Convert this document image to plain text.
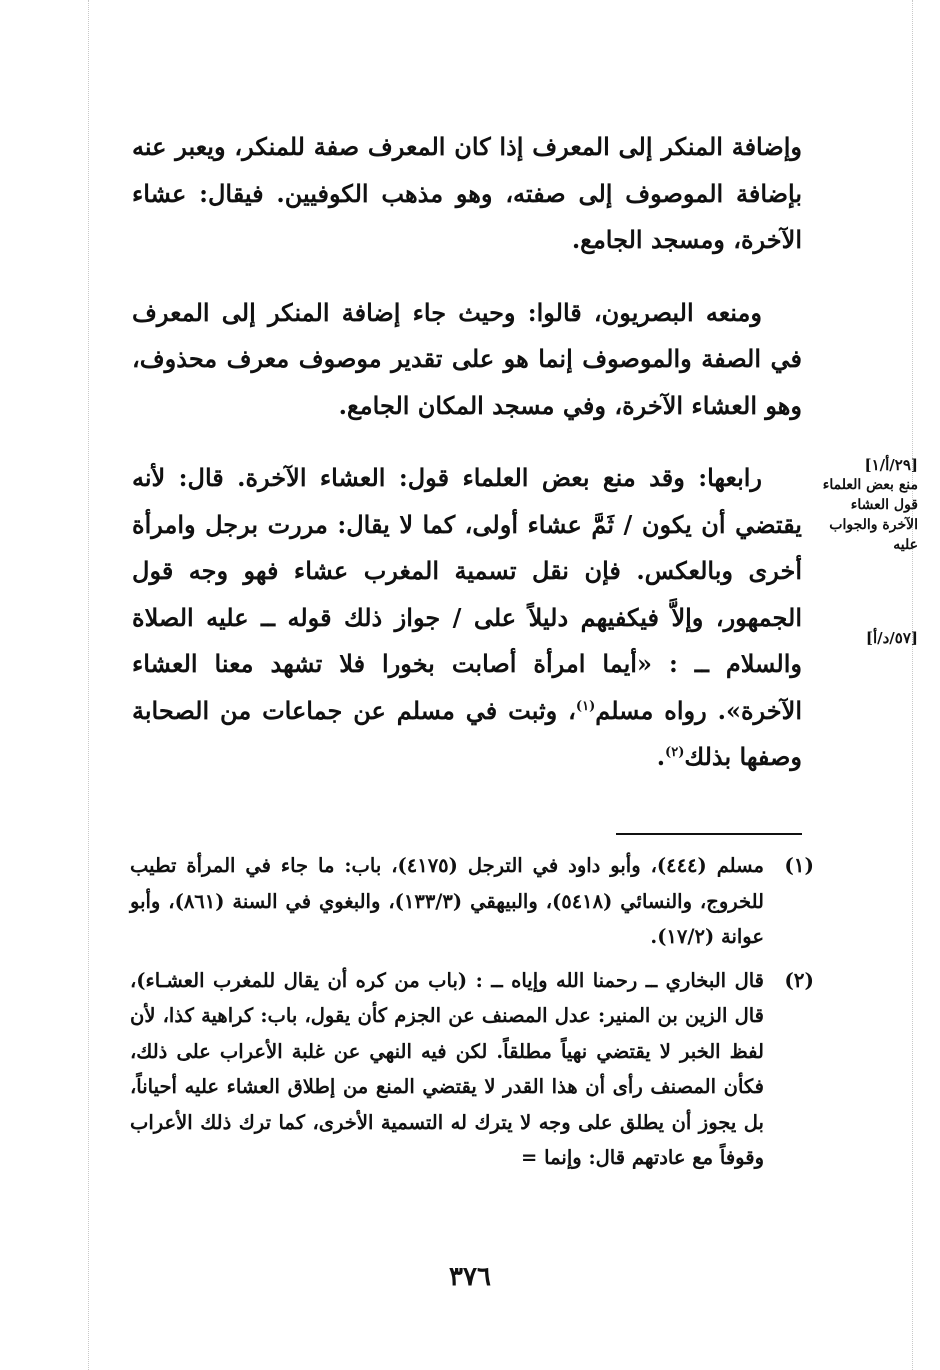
وإضافة المنكر إلى المعرف إذا كان المعرف صفة للمنكر، ويعبر عنه بإضافة الموصوف إلى صفته، وهو مذهب الكوفيين. فيقال: عشاء الآخرة، ومسجد الجامع.

ومنعه البصريون، قالوا: وحيث جاء إضافة المنكر إلى المعرف في الصفة والموصوف إنما هو على تقدير موصوف معرف محذوف، وهو العشاء الآخرة، وفي مسجد المكان الجامع.

رابعها: وقد منع بعض العلماء قول: العشاء الآخرة. قال: لأنه يقتضي أن يكون / ثَمَّ عشاء أولى، كما لا يقال: مررت برجل وامرأة أخرى وبالعكس. فإن نقل تسمية المغرب عشاء فهو وجه قول الجمهور، وإلاَّ فيكفيهم دليلاً على / جواز ذلك قوله ــ عليه الصلاة والسلام ــ : «أيما امرأة أصابت بخورا فلا تشهد معنا العشاء الآخرة». رواه مسلم$^{(١)}$، وثبت في مسلم عن جماعات من الصحابة وصفها بذلك$^{(٢)}$.

[٢٩/أ/١]
منع بعض العلماء قول العشاء الآخرة والجواب عليه
[٥٧/د/أ]
(١)
مسلم (٤٤٤)، وأبو داود في الترجل (٤١٧٥)، باب: ما جاء في المرأة تطيب للخروج، والنسائي (٥٤١٨)، والبيهقي (١٣٣/٣)، والبغوي في السنة (٨٦١)، وأبو عوانة (١٧/٢).
(٢)
قال البخاري ــ رحمنا الله وإياه ــ : (باب من كره أن يقال للمغرب العشـاء)، قال الزين بن المنير: عدل المصنف عن الجزم كأن يقول، باب: كراهية كذا، لأن لفظ الخبر لا يقتضي نهياً مطلقاً. لكن فيه النهي عن غلبة الأعراب على ذلك، فكأن المصنف رأى أن هذا القدر لا يقتضي المنع من إطلاق العشاء عليه أحياناً، بل يجوز أن يطلق على وجه لا يترك له التسمية الأخرى، كما ترك ذلك الأعراب وقوفاً مع عادتهم قال: وإنما =
٣٧٦
